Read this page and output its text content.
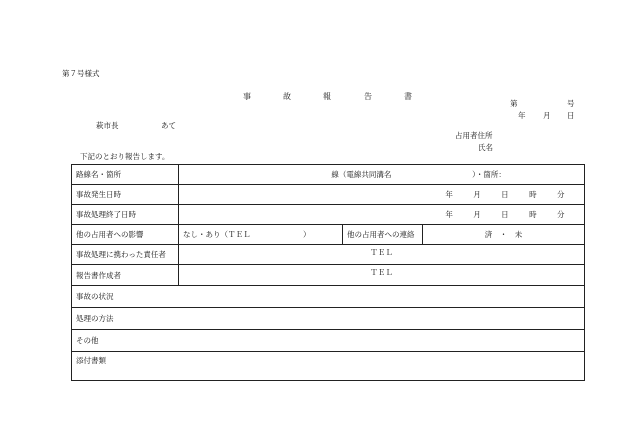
第７号様式
事	故	報	告	書
第	号
年 月 日
萩市長	あて
占用者住所
氏名
下記のとおり報告します。
路線名・箇所	線（電線共同溝名 ）・箇所：		
事故発生日時	年 月 日 時 分		
事故処理終了日時	年 月 日 時 分		
他の占用者への影響	なし・あり（ＴＥＬ　　　　　　　）	他の占用者への連絡	済　・　未
事故処理に携わった責任者	ＴＥＬ		
報告書作成者	ＴＥＬ		
事故の状況			
処理の方法			
その他			
添付書類			
